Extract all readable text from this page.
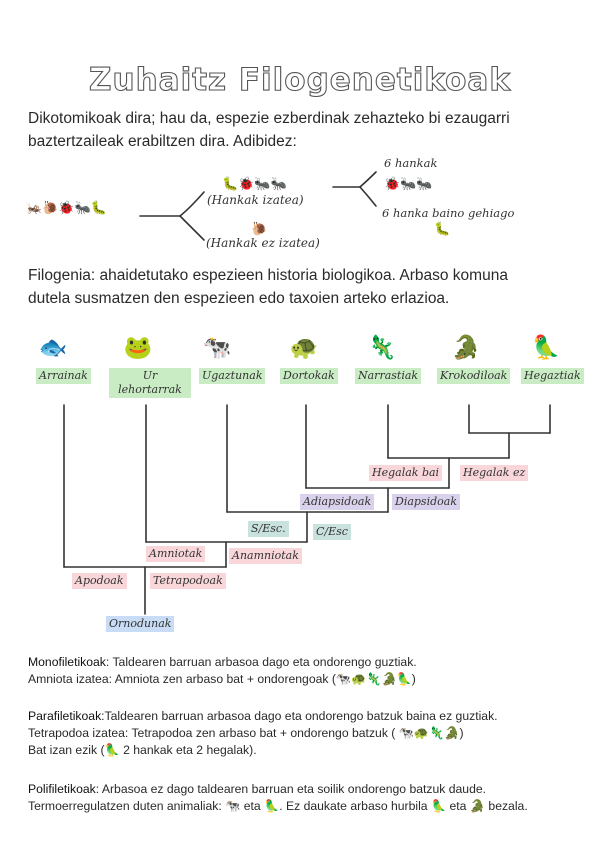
Zuhaitz Filogenetikoak
Dikotomikoak dira; hau da, espezie ezberdinak zehazteko bi ezaugarri
baztertzaileak erabiltzen dira. Adibidez:
🦗🐌🐞🐜🐛
🐛🐞🐜🐜
(Hankak izatea)
🐌
(Hankak ez izatea)
6 hankak
🐞🐜🐜
6 hanka baino gehiago
🐛
Filogenia: ahaidetutako espezieen historia biologikoa. Arbaso komuna
dutela susmatzen den espezieen edo taxoien arteko erlazioa.
🐟 🐸 🐄	🐢 🦎 🐊 🦜
Arrainak	Ur lehortarrak
Ugaztunak Dortokak Narrastiak Krokodiloak Hegaztiak
Hegalak bai Hegalak ez
Adiapsidoak Diapsidoak
S/Esc.	C/Esc
Amniotak	Anamniotak
Apodoak	Tetrapodoak
Ornodunak
Monofiletikoak: Taldearen barruan arbasoa dago eta ondorengo guztiak.
Amniota izatea: Amniota zen arbaso bat + ondorengoak (🐄🐢🦎🐊🦜)
Parafiletikoak:Taldearen barruan arbasoa dago eta ondorengo batzuk baina ez guztiak.
Tetrapodoa izatea: Tetrapodoa zen arbaso bat + ondorengo batzuk ( 🐄🐢🦎🐊)
Bat izan ezik (🦜 2 hankak eta 2 hegalak).
Polifiletikoak: Arbasoa ez dago taldearen barruan eta soilik ondorengo batzuk daude.
Termoerregulatzen duten animaliak: 🐄 eta 🦜. Ez daukate arbaso hurbila 🦜 eta 🐊 bezala.
